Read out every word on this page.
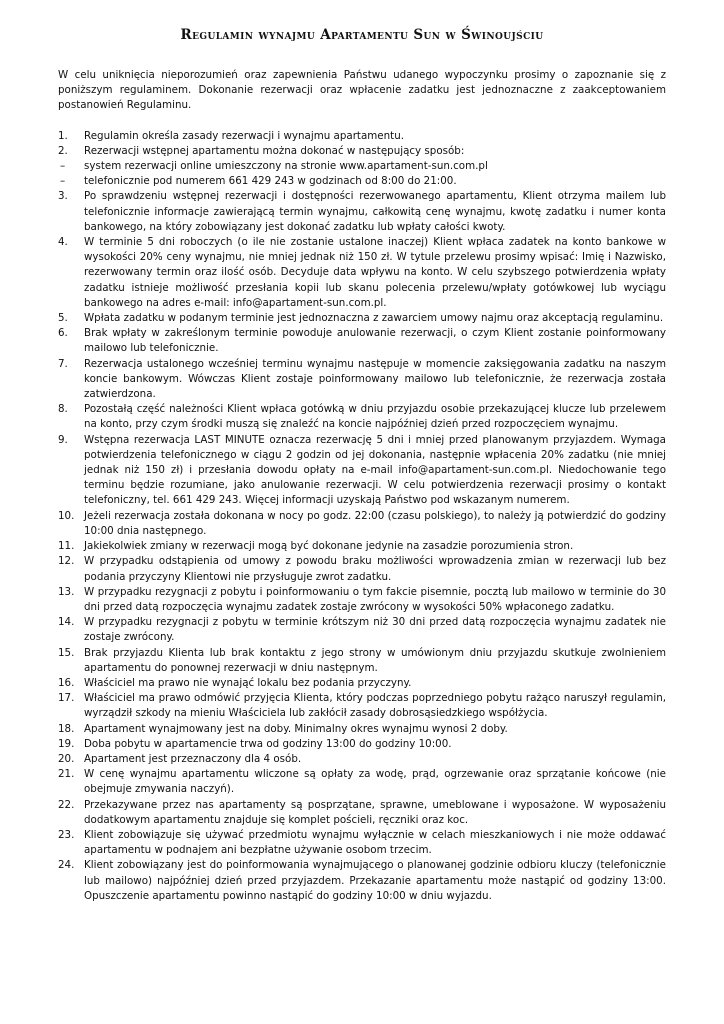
Regulamin wynajmu Apartamentu Sun w Świnoujściu

W celu uniknięcia nieporozumień oraz zapewnienia Państwu udanego wypoczynku prosimy o zapoznanie się z poniższym regulaminem. Dokonanie rezerwacji oraz wpłacenie zadatku jest jednoznaczne z zaakceptowaniem postanowień Regulaminu.

1.	Regulamin określa zasady rezerwacji i wynajmu apartamentu.
2.	Rezerwacji wstępnej apartamentu można dokonać w następujący sposób:
–	system rezerwacji online umieszczony na stronie www.apartament-sun.com.pl
–	telefonicznie pod numerem 661 429 243 w godzinach od 8:00 do 21:00.
3.	Po sprawdzeniu wstępnej rezerwacji i dostępności rezerwowanego apartamentu, Klient otrzyma mailem lub telefonicznie informacje zawierającą termin wynajmu, całkowitą cenę wynajmu, kwotę zadatku i numer konta bankowego, na który zobowiązany jest dokonać zadatku lub wpłaty całości kwoty.
4.	W terminie 5 dni roboczych (o ile nie zostanie ustalone inaczej) Klient wpłaca zadatek na konto bankowe w wysokości 20% ceny wynajmu, nie mniej jednak niż 150 zł. W tytule przelewu prosimy wpisać: Imię i Nazwisko, rezerwowany termin oraz ilość osób. Decyduje data wpływu na konto. W celu szybszego potwierdzenia wpłaty zadatku istnieje możliwość przesłania kopii lub skanu polecenia przelewu/wpłaty gotówkowej lub wyciągu bankowego na adres e-mail: info@apartament-sun.com.pl.
5.	Wpłata zadatku w podanym terminie jest jednoznaczna z zawarciem umowy najmu oraz akceptacją regulaminu.
6.	Brak wpłaty w zakreślonym terminie powoduje anulowanie rezerwacji, o czym Klient zostanie poinformowany mailowo lub telefonicznie.
7.	Rezerwacja ustalonego wcześniej terminu wynajmu następuje w momencie zaksięgowania zadatku na naszym koncie bankowym. Wówczas Klient zostaje poinformowany mailowo lub telefonicznie, że rezerwacja została zatwierdzona.
8.	Pozostałą część należności Klient wpłaca gotówką w dniu przyjazdu osobie przekazującej klucze lub przelewem na konto, przy czym środki muszą się znaleźć na koncie najpóźniej dzień przed rozpoczęciem wynajmu.
9.	Wstępna rezerwacja LAST MINUTE oznacza rezerwację 5 dni i mniej przed planowanym przyjazdem. Wymaga potwierdzenia telefonicznego w ciągu 2 godzin od jej dokonania, następnie wpłacenia 20% zadatku (nie mniej jednak niż 150 zł) i przesłania dowodu opłaty na e-mail info@apartament-sun.com.pl. Niedochowanie tego terminu będzie rozumiane, jako anulowanie rezerwacji. W celu potwierdzenia rezerwacji prosimy o kontakt telefoniczny, tel. 661 429 243. Więcej informacji uzyskają Państwo pod wskazanym numerem.
10. Jeżeli rezerwacja została dokonana w nocy po godz. 22:00 (czasu polskiego), to należy ją potwierdzić do godziny 10:00 dnia następnego.
11. Jakiekolwiek zmiany w rezerwacji mogą być dokonane jedynie na zasadzie porozumienia stron.
12. W przypadku odstąpienia od umowy z powodu braku możliwości wprowadzenia zmian w rezerwacji lub bez podania przyczyny Klientowi nie przysługuje zwrot zadatku.
13. W przypadku rezygnacji z pobytu i poinformowaniu o tym fakcie pisemnie, pocztą lub mailowo w terminie do 30 dni przed datą rozpoczęcia wynajmu zadatek zostaje zwrócony w wysokości 50% wpłaconego zadatku.
14. W przypadku rezygnacji z pobytu w terminie krótszym niż 30 dni przed datą rozpoczęcia wynajmu zadatek nie zostaje zwrócony.
15. Brak przyjazdu Klienta lub brak kontaktu z jego strony w umówionym dniu przyjazdu skutkuje zwolnieniem apartamentu do ponownej rezerwacji w dniu następnym.
16. Właściciel ma prawo nie wynająć lokalu bez podania przyczyny.
17. Właściciel ma prawo odmówić przyjęcia Klienta, który podczas poprzedniego pobytu rażąco naruszył regulamin, wyrządził szkody na mieniu Właściciela lub zakłócił zasady dobrosąsiedzkiego współżycia.
18. Apartament wynajmowany jest na doby. Minimalny okres wynajmu wynosi 2 doby.
19. Doba pobytu w apartamencie trwa od godziny 13:00 do godziny 10:00.
20. Apartament jest przeznaczony dla 4 osób.
21. W cenę wynajmu apartamentu wliczone są opłaty za wodę, prąd, ogrzewanie oraz sprzątanie końcowe (nie obejmuje zmywania naczyń).
22. Przekazywane przez nas apartamenty są posprzątane, sprawne, umeblowane i wyposażone. W wyposażeniu dodatkowym apartamentu znajduje się komplet pościeli, ręczniki oraz koc.
23. Klient zobowiązuje się używać przedmiotu wynajmu wyłącznie w celach mieszkaniowych i nie może oddawać apartamentu w podnajem ani bezpłatne używanie osobom trzecim.
24. Klient zobowiązany jest do poinformowania wynajmującego o planowanej godzinie odbioru kluczy (telefonicznie lub mailowo) najpóźniej dzień przed przyjazdem. Przekazanie apartamentu może nastąpić od godziny 13:00. Opuszczenie apartamentu powinno nastąpić do godziny 10:00 w dniu wyjazdu.
